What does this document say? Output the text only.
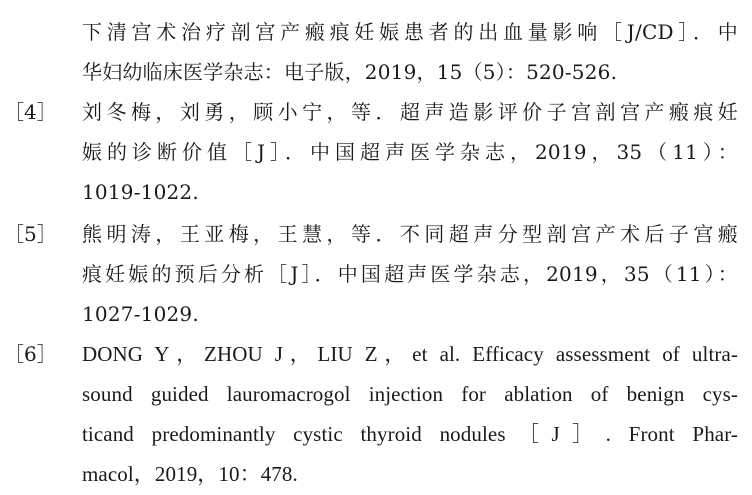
下清宫术治疗剖宫产瘢痕妊娠患者的出血量影响［J/CD］．中
华妇幼临床医学杂志：电子版，2019，15（5）：520-526.
［4］ 刘冬梅，刘勇，顾小宁，等．超声造影评价子宫剖宫产瘢痕妊
娠的诊断价值［J］．中国超声医学杂志，2019，35（11）：
1019-1022.
［5］ 熊明涛，王亚梅，王慧，等．不同超声分型剖宫产术后子宫瘢
痕妊娠的预后分析［J］．中国超声医学杂志，2019，35（11）：
1027-1029.
［6］ DONG Y，ZHOU J，LIU Z，et al. Efficacy assessment of ultra-
sound guided lauromacrogol injection for ablation of benign cys-
ticand predominantly cystic thyroid nodules［J］. Front Phar-
macol，2019，10：478.
